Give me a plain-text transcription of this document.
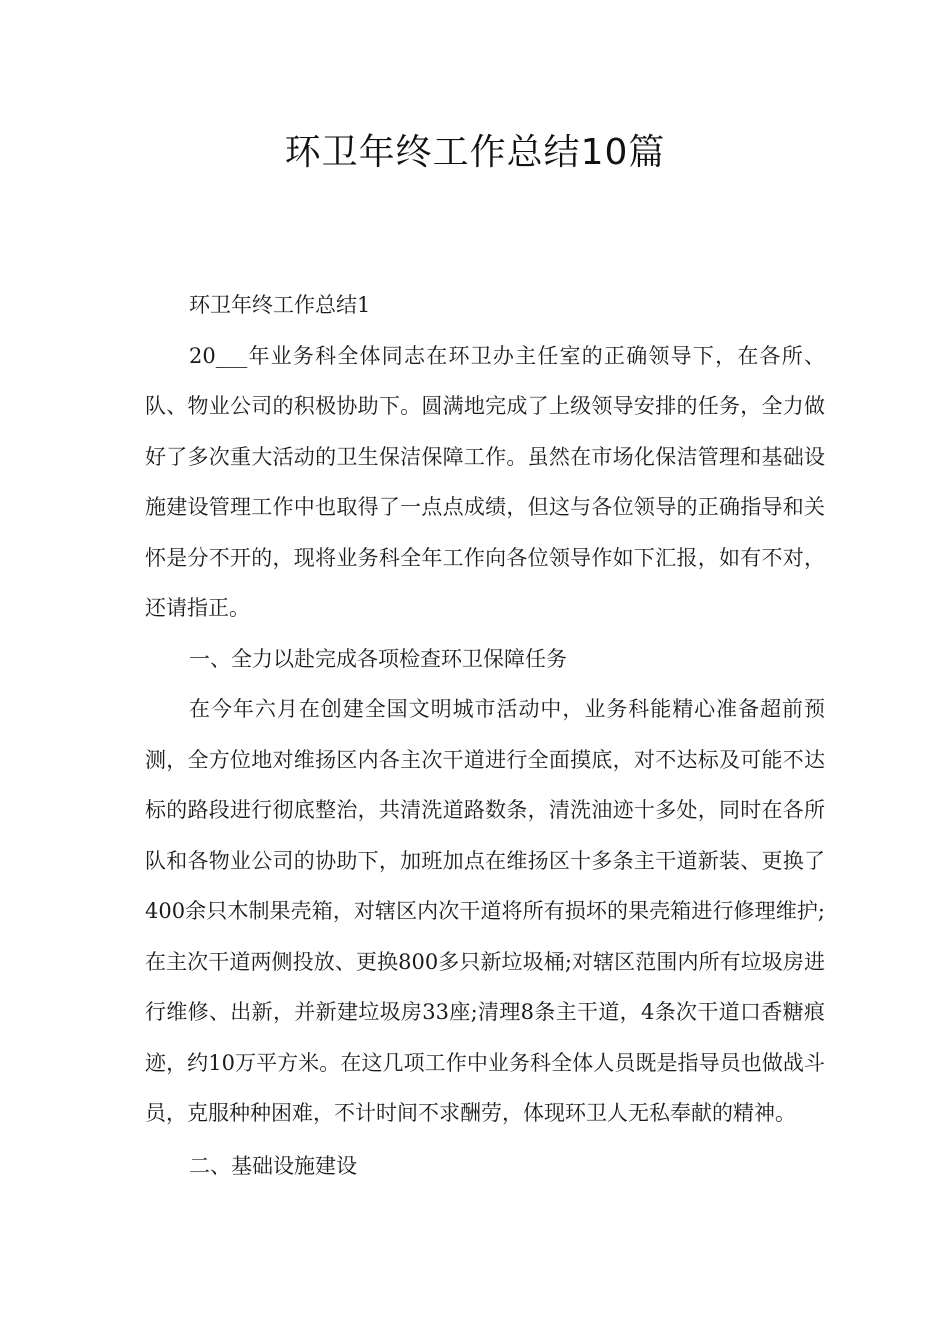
环卫年终工作总结10篇

环卫年终工作总结1

20___年业务科全体同志在环卫办主任室的正确领导下，在各所、队、物业公司的积极协助下。圆满地完成了上级领导安排的任务，全力做好了多次重大活动的卫生保洁保障工作。虽然在市场化保洁管理和基础设施建设管理工作中也取得了一点点成绩，但这与各位领导的正确指导和关怀是分不开的，现将业务科全年工作向各位领导作如下汇报，如有不对，还请指正。

一、全力以赴完成各项检查环卫保障任务

在今年六月在创建全国文明城市活动中，业务科能精心准备超前预测，全方位地对维扬区内各主次干道进行全面摸底，对不达标及可能不达标的路段进行彻底整治，共清洗道路数条，清洗油迹十多处，同时在各所队和各物业公司的协助下，加班加点在维扬区十多条主干道新装、更换了400余只木制果壳箱，对辖区内次干道将所有损坏的果壳箱进行修理维护;在主次干道两侧投放、更换800多只新垃圾桶;对辖区范围内所有垃圾房进行维修、出新，并新建垃圾房33座;清理8条主干道，4条次干道口香糖痕迹，约10万平方米。在这几项工作中业务科全体人员既是指导员也做战斗员，克服种种困难，不计时间不求酬劳，体现环卫人无私奉献的精神。

二、基础设施建设
